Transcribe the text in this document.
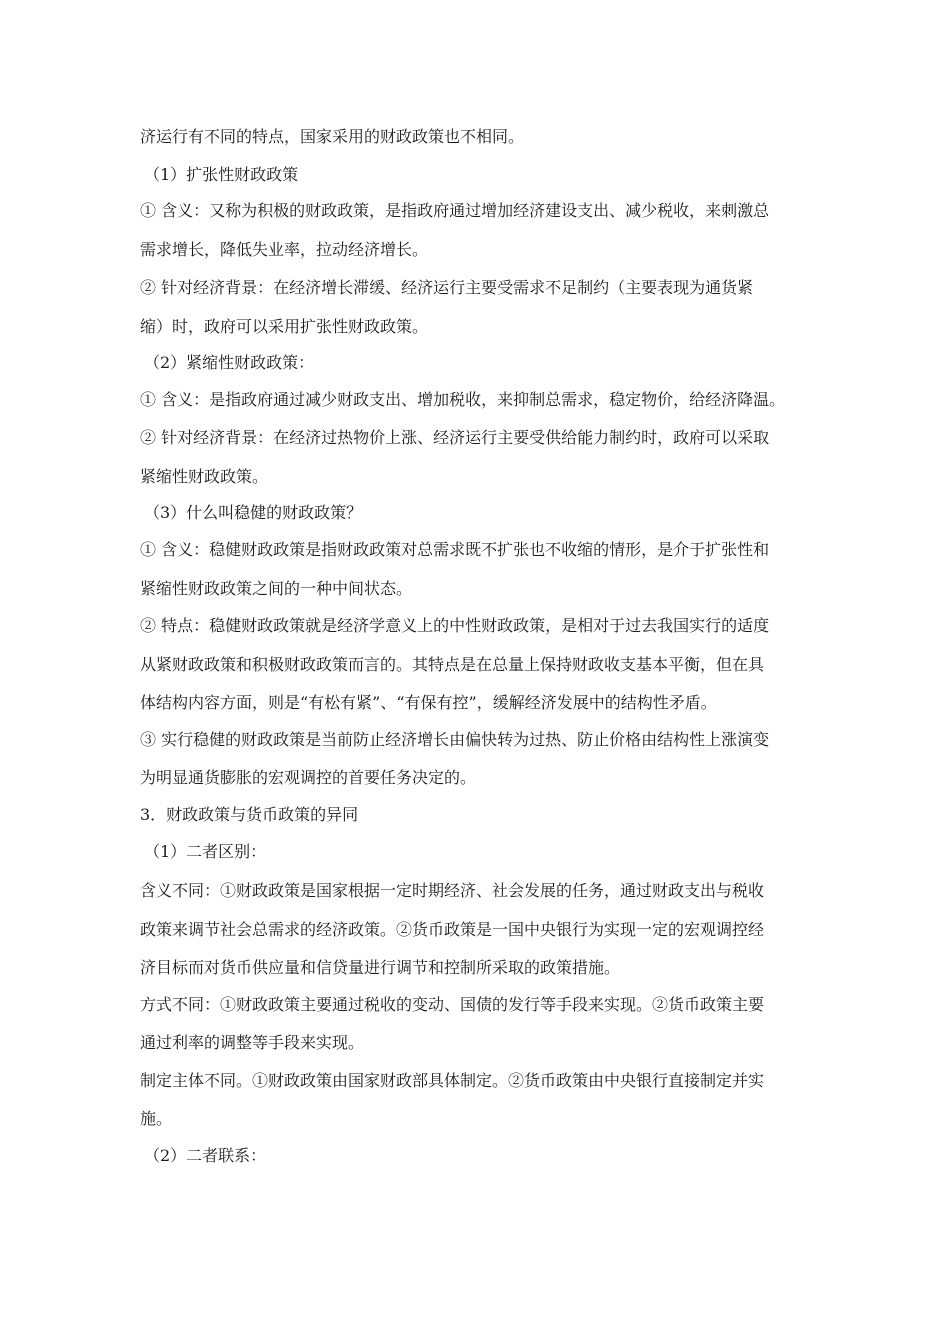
济运行有不同的特点，国家采用的财政政策也不相同。
（1）扩张性财政政策
① 含义：又称为积极的财政政策，是指政府通过增加经济建设支出、减少税收，来刺激总
需求增长，降低失业率，拉动经济增长。
② 针对经济背景：在经济增长滞缓、经济运行主要受需求不足制约（主要表现为通货紧
缩）时，政府可以采用扩张性财政政策。
（2）紧缩性财政政策：
① 含义：是指政府通过减少财政支出、增加税收，来抑制总需求，稳定物价，给经济降温。
② 针对经济背景：在经济过热物价上涨、经济运行主要受供给能力制约时，政府可以采取
紧缩性财政政策。
（3）什么叫稳健的财政政策？
① 含义：稳健财政政策是指财政政策对总需求既不扩张也不收缩的情形，是介于扩张性和
紧缩性财政政策之间的一种中间状态。
② 特点：稳健财政政策就是经济学意义上的中性财政政策，是相对于过去我国实行的适度
从紧财政政策和积极财政政策而言的。其特点是在总量上保持财政收支基本平衡，但在具
体结构内容方面，则是“有松有紧”、“有保有控”，缓解经济发展中的结构性矛盾。
③ 实行稳健的财政政策是当前防止经济增长由偏快转为过热、防止价格由结构性上涨演变
为明显通货膨胀的宏观调控的首要任务决定的。
3．财政政策与货币政策的异同
（1）二者区别：
含义不同：①财政政策是国家根据一定时期经济、社会发展的任务，通过财政支出与税收
政策来调节社会总需求的经济政策。②货币政策是一国中央银行为实现一定的宏观调控经
济目标而对货币供应量和信贷量进行调节和控制所采取的政策措施。
方式不同：①财政政策主要通过税收的变动、国债的发行等手段来实现。②货币政策主要
通过利率的调整等手段来实现。
制定主体不同。①财政政策由国家财政部具体制定。②货币政策由中央银行直接制定并实
施。
（2）二者联系：
